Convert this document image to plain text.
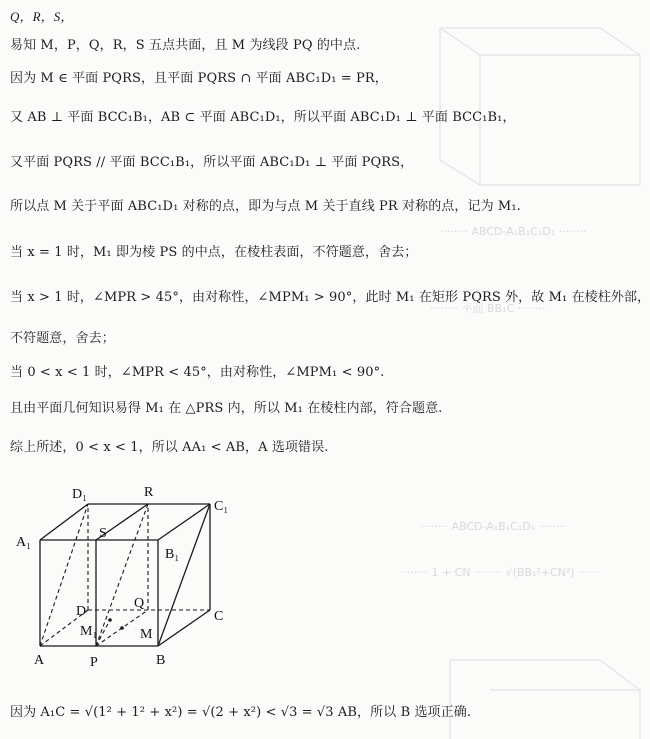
········ ABCD-A₁B₁C₁D₁ ········
········ 平面 BB₁C ········
········ ABCD-A₁B₁C₁D₁ ········
········ 1 + CN ········ √(BB₁²+CN²) ······
Q，R，S，
易知 M，P，Q，R，S 五点共面，且 M 为线段 PQ 的中点.
因为 M ∈ 平面 PQRS，且平面 PQRS ∩ 平面 ABC₁D₁ = PR，
又 AB ⊥ 平面 BCC₁B₁，AB ⊂ 平面 ABC₁D₁，所以平面 ABC₁D₁ ⊥ 平面 BCC₁B₁，
又平面 PQRS // 平面 BCC₁B₁，所以平面 ABC₁D₁ ⊥ 平面 PQRS，
所以点 M 关于平面 ABC₁D₁ 对称的点，即为与点 M 关于直线 PR 对称的点，记为 M₁.
当 x = 1 时，M₁ 即为棱 PS 的中点，在棱柱表面，不符题意，舍去；
当 x > 1 时，∠MPR > 45°，由对称性，∠MPM₁ > 90°，此时 M₁ 在矩形 PQRS 外，故 M₁ 在棱柱外部，
不符题意，舍去；
当 0 < x < 1 时，∠MPR < 45°，由对称性，∠MPM₁ < 90°.
且由平面几何知识易得 M₁ 在 △PRS 内，所以 M₁ 在棱柱内部，符合题意.
综上所述，0 < x < 1，所以 AA₁ < AB，A 选项错误.
D₁	R
C₁
A₁
S
B₁
D
Q
C
M₁	M
A	P	B
因为 A₁C = √(1² + 1² + x²) = √(2 + x²) < √3 = √3 AB，所以 B 选项正确.
